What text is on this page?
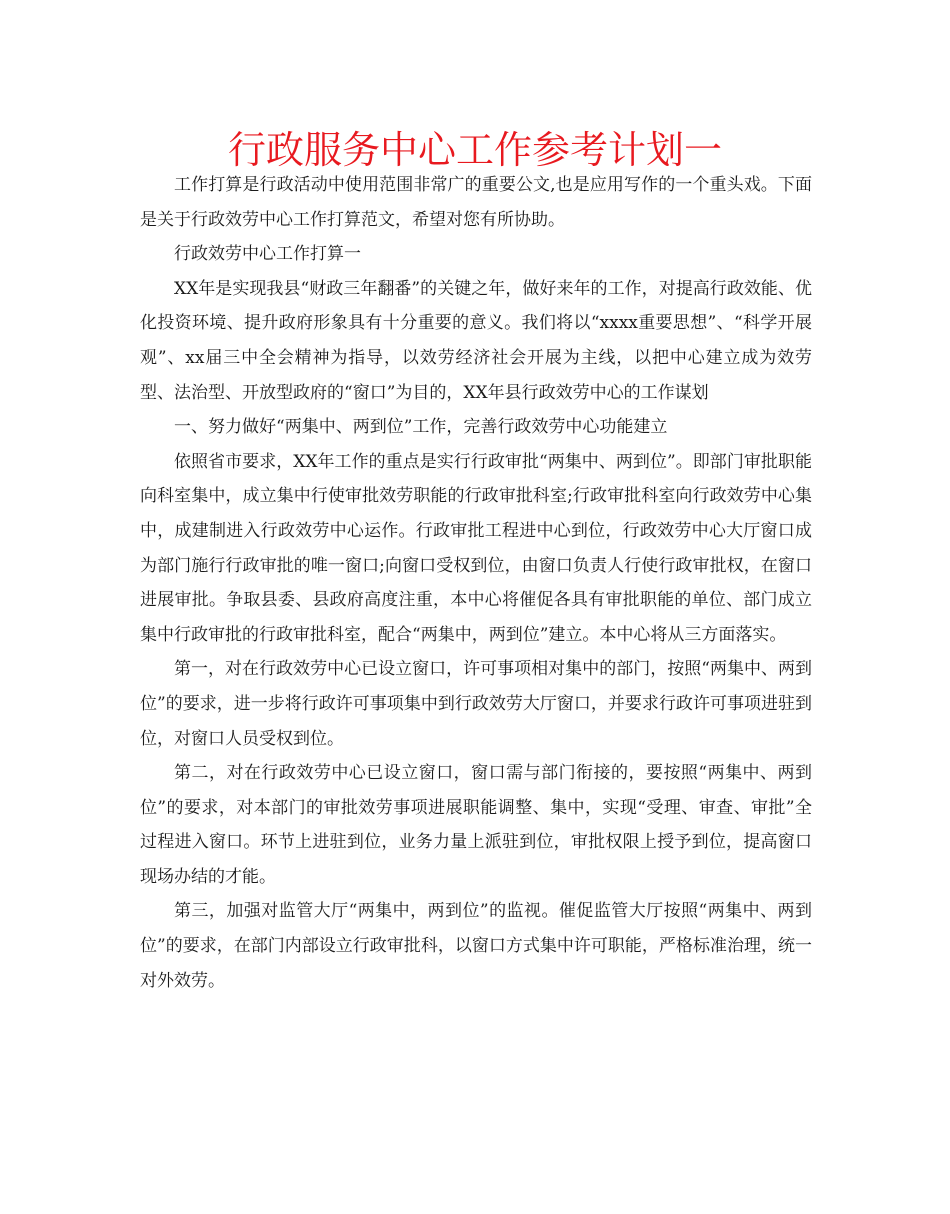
行政服务中心工作参考计划一

工作打算是行政活动中使用范围非常广的重要公文,也是应用写作的一个重头戏。下面是关于行政效劳中心工作打算范文，希望对您有所协助。

行政效劳中心工作打算一

XX年是实现我县“财政三年翻番”的关键之年，做好来年的工作，对提高行政效能、优化投资环境、提升政府形象具有十分重要的意义。我们将以“xxxx重要思想”、“科学开展观”、xx届三中全会精神为指导，以效劳经济社会开展为主线，以把中心建立成为效劳型、法治型、开放型政府的“窗口”为目的，XX年县行政效劳中心的工作谋划

一、努力做好“两集中、两到位”工作，完善行政效劳中心功能建立

依照省市要求，XX年工作的重点是实行行政审批“两集中、两到位”。即部门审批职能向科室集中，成立集中行使审批效劳职能的行政审批科室;行政审批科室向行政效劳中心集中，成建制进入行政效劳中心运作。行政审批工程进中心到位，行政效劳中心大厅窗口成为部门施行行政审批的唯一窗口;向窗口受权到位，由窗口负责人行使行政审批权，在窗口进展审批。争取县委、县政府高度注重，本中心将催促各具有审批职能的单位、部门成立集中行政审批的行政审批科室，配合“两集中，两到位”建立。本中心将从三方面落实。

第一，对在行政效劳中心已设立窗口，许可事项相对集中的部门，按照“两集中、两到位”的要求，进一步将行政许可事项集中到行政效劳大厅窗口，并要求行政许可事项进驻到位，对窗口人员受权到位。

第二，对在行政效劳中心已设立窗口，窗口需与部门衔接的，要按照“两集中、两到位”的要求，对本部门的审批效劳事项进展职能调整、集中，实现“受理、审查、审批”全过程进入窗口。环节上进驻到位，业务力量上派驻到位，审批权限上授予到位，提高窗口现场办结的才能。

第三，加强对监管大厅“两集中，两到位”的监视。催促监管大厅按照“两集中、两到位”的要求，在部门内部设立行政审批科，以窗口方式集中许可职能，严格标准治理，统一对外效劳。
